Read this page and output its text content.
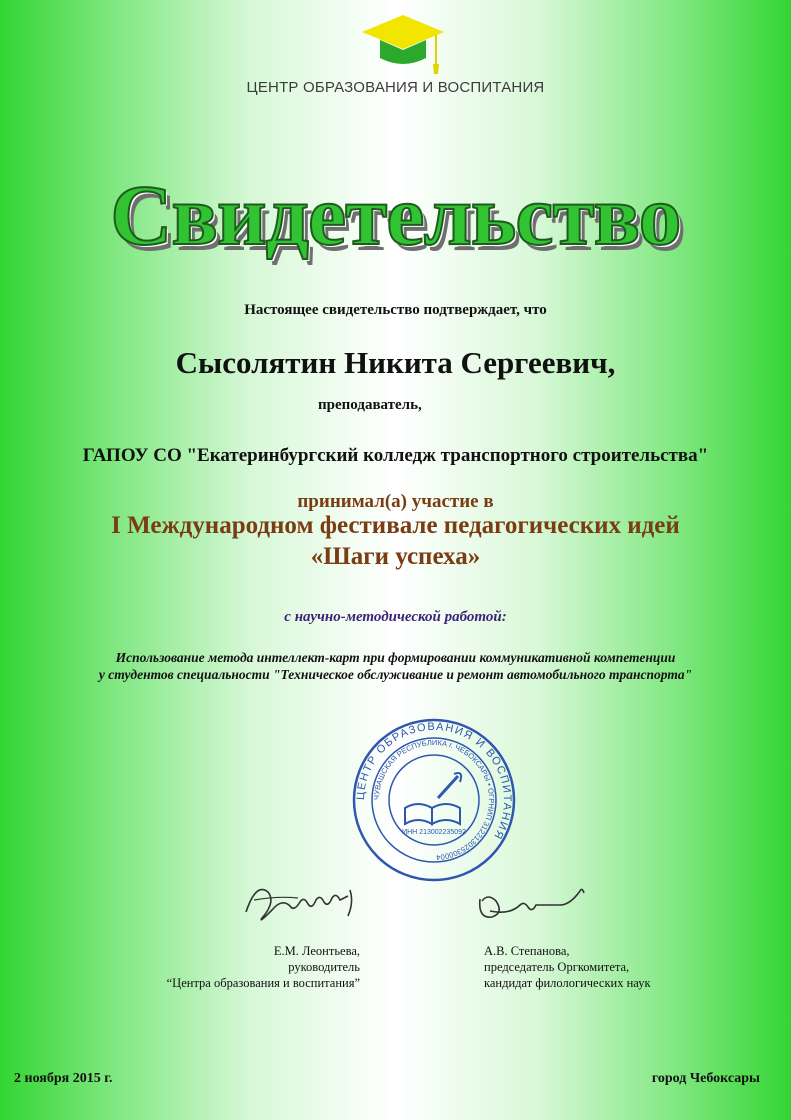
ЦЕНТР ОБРАЗОВАНИЯ И ВОСПИТАНИЯ
Свидетельство
Настоящее свидетельство подтверждает, что
Сысолятин Никита Сергеевич,
преподаватель,
ГАПОУ СО "Екатеринбургский колледж транспортного строительства"
принимал(а) участие в
I Международном фестивале педагогических идей
«Шаги успеха»
с научно-методической работой:
Использование метода интеллект-карт при формировании коммуникативной компетенции
у студентов специальности "Техническое обслуживание и ремонт автомобильного транспорта"
ЦЕНТР ОБРАЗОВАНИЯ И ВОСПИТАНИЯ
ЧУВАШСКАЯ РЕСПУБЛИКА г. ЧЕБОКСАРЫ • ОГРНИП 312213025300004
ИНН 213002235092
Е.М. Леонтьева,
руководитель
“Центра образования и воспитания”
А.В. Степанова,
председатель Оргкомитета,
кандидат филологических наук
2 ноября 2015 г.	город Чебоксары
